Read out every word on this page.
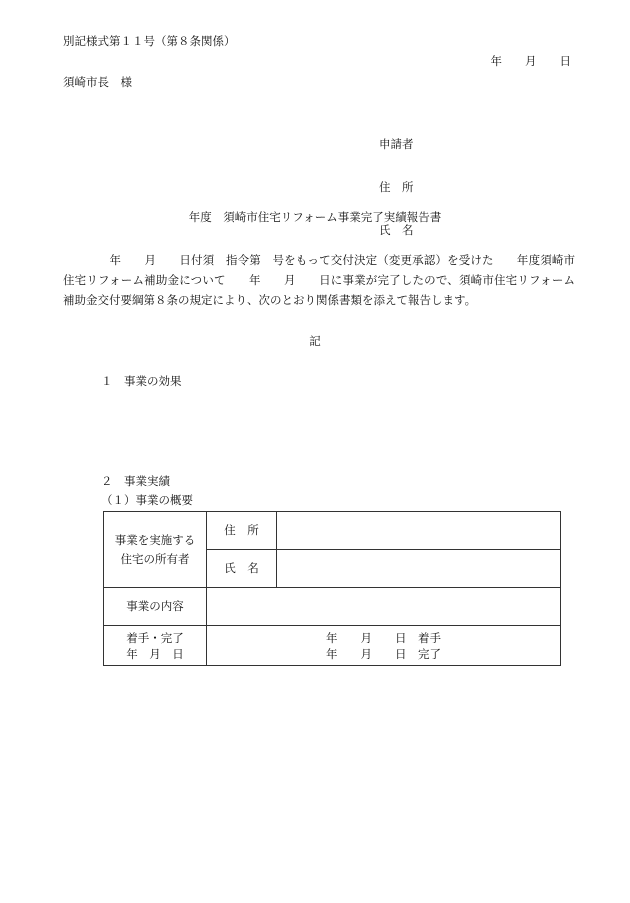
別記様式第１１号（第８条関係）
年　　月　　日
須崎市長　様

申請者

住　所

氏　名

年度　須崎市住宅リフォーム事業完了実績報告書
　　　　年　　月　　日付須　指令第　号をもって交付決定（変更承認）を受けた　　年度須崎市住宅リフォーム補助金について　　年　　月　　日に事業が完了したので、須崎市住宅リフォーム補助金交付要綱第８条の規定により、次のとおり関係書類を添えて報告します。
記
１　事業の効果
２　事業実績
（１）事業の概要
事業を実施する
住宅の所有者	住　所	

	氏　名	

事業の内容		

着手・完了
年　月　日	年　　月　　日　着手
年　　月　　日　完了	
